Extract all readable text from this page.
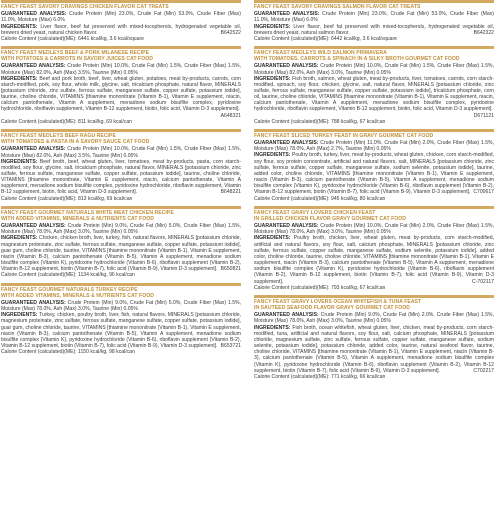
FANCY FEAST SAVORY CRAVINGS CHICKEN FLAVOR CAT TREATS

GUARANTEED ANALYSIS: Crude Protein (Min) 23.0%, Crude Fat (Min) 53.0%, Crude Fiber (Max) 11.0%, Moisture (Max) 6.0%

INGREDIENTS: Liver flavor, beef fat preserved with mixed-tocopherols, hydrogenated vegetable oil, brewers dried yeast, natural chicken flavor.	B642522

Calorie Content (calculated)(ME): 6441 kcal/kg, 3.6 kcal/square

FANCY FEAST MEDLEYS BEEF & PORK MILANESE RECIPE
WITH POTATOES & CARROTS IN SAVORY JUICES CAT FOOD

GUARANTEED ANALYSIS: Crude Protein (Min) 10.0%, Crude Fat (Min) 1.5%, Crude Fiber (Max) 1.5%, Moisture (Max) 82.0%, Ash (Max) 3.5%, Taurine (Min) 0.05%

INGREDIENTS: Beef and pork broth, beef, liver, wheat gluten, potatoes, meat by-products, carrots, corn starch-modified, pork, soy flour, whole milk, glycine, salt, tricalcium phosphate, natural flavor, MINERALS [potassium chloride, zinc sulfate, ferrous sulfate, manganese sulfate, copper sulfate, potassium iodide], taurine, choline chloride, VITAMINS [thiamine mononitrate (Vitamin B-1), Vitamin E supplement, niacin, calcium pantothenate, Vitamin A supplement, menadione sodium bisulfite complex, pyridoxine hydrochloride, riboflavin supplement, Vitamin B-12 supplement, biotin, folic acid, Vitamin D-3 supplement].
A648321

Calorie Content (calculated)(ME): 811 kcal/kg, 69 kcal/can

FANCY FEAST MEDLEYS BEEF RAGU RECIPE
WITH TOMATOES & PASTA IN A SAVORY SAUCE CAT FOOD

GUARANTEED ANALYSIS: Crude Protein (Min) 10.0%, Crude Fat (Min) 1.5%, Crude Fiber (Max) 1.5%, Moisture (Max) 82.0%, Ash (Max) 3.5%, Taurine (Min) 0.05%

INGREDIENTS: Beef broth, beef, wheat gluten, liver, tomatoes, meat by-products, pasta, corn starch-modified, soy flour, glycine, salt, tricalcium phosphate, natural flavor, MINERALS [potassium chloride, zinc sulfate, ferrous sulfate, manganese sulfate, copper sulfate, potassium iodide], taurine, choline chloride, VITAMINS [thiamine mononitrate, Vitamin E supplement, niacin, calcium pantothenate, Vitamin A supplement, menadione sodium bisulfite complex, pyridoxine hydrochloride, riboflavin supplement, Vitamin B-12 supplement, biotin, folic acid, Vitamin D-3 supplement].	B648221

Calorie Content (calculated)(ME): 813 kcal/kg, 69 kcal/can

FANCY FEAST GOURMET NATURALS WHITE MEAT CHICKEN RECIPE
WITH ADDED VITAMINS, MINERALS & NUTRIENTS CAT FOOD

GUARANTEED ANALYSIS: Crude Protein (Min) 9.0%, Crude Fat (Min) 5.0%, Crude Fiber (Max) 1.5%, Moisture (Max) 78.0%, Ash (Max) 3.0%, Taurine (Min) 0.05%

INGREDIENTS: Chicken, chicken broth, liver, turkey, fish, natural flavors, MINERALS [potassium chloride, magnesium proteinate, zinc sulfate, ferrous sulfate, manganese sulfate, copper sulfate, potassium iodide], guar gum, choline chloride, taurine, VITAMINS [thiamine mononitrate (Vitamin B-1), Vitamin E supplement, niacin (Vitamin B-3), calcium pantothenate (Vitamin B-5), Vitamin A supplement, menadione sodium bisulfite complex (Vitamin K), pyridoxine hydrochloride (Vitamin B-6), riboflavin supplement (Vitamin B-2), Vitamin B-12 supplement, biotin (Vitamin B-7), folic acid (Vitamin B-9), Vitamin D-3 supplement]. B650821

Calorie Content (calculated)(ME): 1134 kcal/kg, 96 kcal/can

FANCY FEAST GOURMET NATURALS TURKEY RECIPE
WITH ADDED VITAMINS, MINERALS & NUTRIENTS CAT FOOD

GUARANTEED ANALYSIS: Crude Protein (Min) 9.0%, Crude Fat (Min) 5.0%, Crude Fiber (Max) 1.5%, Moisture (Max) 78.0%, Ash (Max) 3.0%, Taurine (Min) 0.05%

INGREDIENTS: Turkey, chicken, poultry broth, liver, fish, natural flavors, MINERALS [potassium chloride, magnesium proteinate, zinc sulfate, ferrous sulfate, manganese sulfate, copper sulfate, potassium iodide], guar gum, choline chloride, taurine, VITAMINS [thiamine mononitrate (Vitamin B-1), Vitamin E supplement, niacin (Vitamin B-3), calcium pantothenate (Vitamin B-5), Vitamin A supplement, menadione sodium bisulfite complex (Vitamin K), pyridoxine hydrochloride (Vitamin B-6), riboflavin supplement (Vitamin B-2), Vitamin B-12 supplement, biotin (Vitamin B-7), folic acid (Vitamin B-9), Vitamin D-3 supplement]. B653721

Calorie Content (calculated)(ME): 1150 kcal/kg, 98 kcal/can

FANCY FEAST SAVORY CRAVINGS SALMON FLAVOR CAT TREATS

GUARANTEED ANALYSIS: Crude Protein (Min) 23.0%, Crude Fat (Min) 53.0%, Crude Fiber (Max) 11.0%, Moisture (Max) 6.0%

INGREDIENTS: Liver flavor, beef fat preserved with mixed-tocopherols, hydrogenated vegetable oil, brewers dried yeast, natural salmon flavor.	B642322

Calorie Content (calculated)(ME): 6442 kcal/kg, 3.6 kcal/square

FANCY FEAST MEDLEYS WILD SALMON PRIMAVERA
WITH TOMATOES, CARROTS & SPINACH IN A SILKY BROTH GOURMET CAT FOOD

GUARANTEED ANALYSIS: Crude Protein (Min) 10.0%, Crude Fat (Min) 1.5%, Crude Fiber (Max) 1.5%, Moisture (Max) 82.0%, Ash (Max) 3.0%, Taurine (Min) 0.05%

INGREDIENTS: Fish broth, salmon, wheat gluten, meat by-products, liver, tomatoes, carrots, corn starch-modified, spinach, soy flour, chicken, glycine, salt, natural flavor, MINERALS [potassium chloride, zinc sulfate, ferrous sulfate, manganese sulfate, copper sulfate, potassium iodide], tricalcium phosphate, corn oil, taurine, choline chloride, VITAMINS [thiamine mononitrate (Vitamin B-1), Vitamin E supplement, niacin, calcium pantothenate, Vitamin A supplement, menadione sodium bisulfite complex, pyridoxine hydrochloride, riboflavin supplement, Vitamin B-12 supplement, biotin, folic acid, Vitamin D-3 supplement].
D671121

Calorie Content (calculated)(ME): 788 kcal/kg, 67 kcal/can

FANCY FEAST SLICED TURKEY FEAST IN GRAVY GOURMET CAT FOOD

GUARANTEED ANALYSIS: Crude Protein (Min) 11.0%, Crude Fat (Min) 2.0%, Crude Fiber (Max) 1.5%, Moisture (Max) 78.0%, Ash (Max) 2.7%, Taurine (Min) 0.05%

INGREDIENTS: Poultry broth, turkey, liver, meat by-products, wheat gluten, chicken, corn starch-modified, soy flour, soy protein concentrate, artificial and natural flavors, salt, MINERALS [potassium chloride, zinc sulfate, ferrous sulfate, copper sulfate, manganese sulfate, sodium selenite, potassium iodide], taurine, added color, choline chloride, VITAMINS [thiamine mononitrate (Vitamin B-1), Vitamin E supplement, niacin (Vitamin B-3), calcium pantothenate (Vitamin B-5), Vitamin A supplement, menadione sodium bisulfite complex (Vitamin K), pyridoxine hydrochloride (Vitamin B-6), riboflavin supplement (Vitamin B-2), Vitamin B-12 supplement, biotin (Vitamin B-7), folic acid (Vitamin B-9), Vitamin D-3 supplement]. C700617

Calorie Content (calculated)(ME): 945 kcal/kg, 80 kcal/can

FANCY FEAST GRAVY LOVERS CHICKEN FEAST
IN GRILLED CHICKEN FLAVOR GRAVY GOURMET CAT FOOD

GUARANTEED ANALYSIS: Crude Protein (Min) 10.0%, Crude Fat (Min) 2.0%, Crude Fiber (Max) 1.5%, Moisture (Max) 78.0%, Ash (Max) 3.0%, Taurine (Min) 0.05%

INGREDIENTS: Poultry broth, chicken, liver, wheat gluten, meat by-products, corn starch-modified, artificial and natural flavors, soy flour, salt, calcium phosphate, MINERALS [potassium chloride, zinc sulfate, ferrous sulfate, copper sulfate, manganese sulfate, sodium selenite, potassium iodide], added color, choline chloride, taurine, choline chloride, VITAMINS [thiamine mononitrate (Vitamin B-1), Vitamin E supplement, niacin (Vitamin B-3), calcium pantothenate (Vitamin B-5), Vitamin A supplement, menadione sodium bisulfite complex (Vitamin K), pyridoxine hydrochloride (Vitamin B-6), riboflavin supplement (Vitamin B-2), Vitamin B-12 supplement, biotin (Vitamin B-7), folic acid (Vitamin B-9), Vitamin D-3 supplement].	C-702117

Calorie Content (calculated)(ME): 793 kcal/kg, 67 kcal/can

FANCY FEAST GRAVY LOVERS OCEAN WHITEFISH & TUNA FEAST
IN SAUTEED SEAFOOD FLAVOR GRAVY GOURMET CAT FOOD

GUARANTEED ANALYSIS: Crude Protein (Min) 9.0%, Crude Fat (Min) 2.0%, Crude Fiber (Max) 1.5%, Moisture (Max) 78.0%, Ash (Max) 3.0%, Taurine (Min) 0.05%

INGREDIENTS: Fish broth, ocean whitefish, wheat gluten, liver, chicken, meat by-products, corn starch-modified, tuna, artificial and natural flavors, soy flour, salt, calcium phosphate, MINERALS [potassium chloride, magnesium sulfate, zinc sulfate, ferrous sulfate, copper sulfate, manganese sulfate, sodium selenite, potassium iodide], potassium chloride, added color, taurine, natural seafood flavor, taurine, choline chloride, VITAMINS [thiamine mononitrate (Vitamin B-1), Vitamin E supplement, niacin (Vitamin B-3), calcium pantothenate (Vitamin B-5), Vitamin A supplement, menadione sodium bisulfite complex (Vitamin K), pyridoxine hydrochloride (Vitamin B-6), riboflavin supplement (Vitamin B-2), Vitamin B-12 supplement, biotin (Vitamin B-7), folic acid (Vitamin B-9), Vitamin D-3 supplement].	C702217

Calorie Content (calculated)(ME): 771 kcal/kg, 66 kcal/can
